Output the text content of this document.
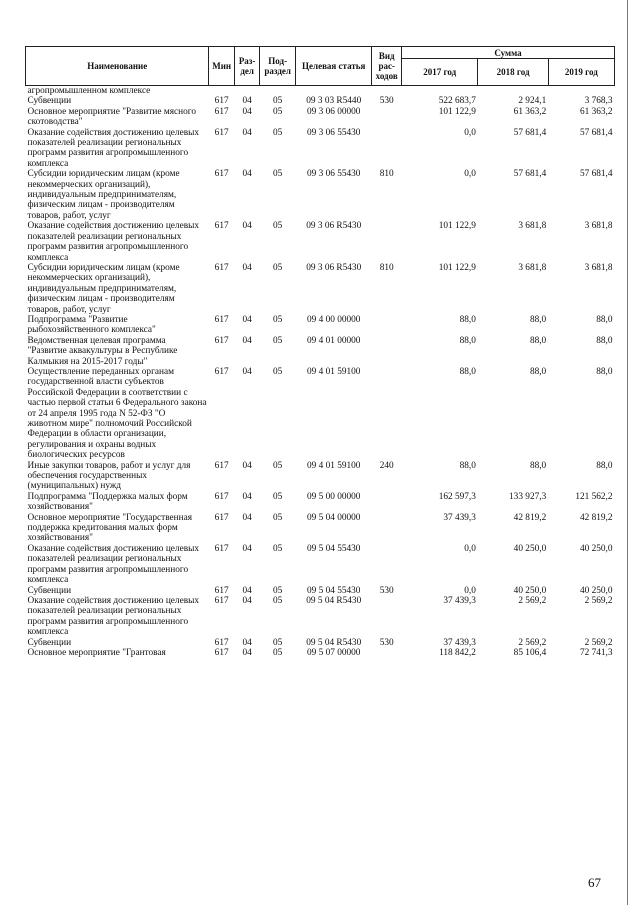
Наименование	Мин	Раз-дел	Под-раздел	Целевая статья	Вид рас-ходов	Сумма		
						2017 год	2018 год	2019 год
агропромышленном комплексе								
Субвенции	617	04	05	09 3 03 R5440	530	522 683,7	2 924,1	3 768,3
Основное мероприятие "Развитие мясного скотоводства"	617	04	05	09 3 06 00000		101 122,9	61 363,2	61 363,2
Оказание содействия достижению целевых показателей реализации региональных программ развития агропромышленного комплекса	617	04	05	09 3 06 55430		0,0	57 681,4	57 681,4
Субсидии юридическим лицам (кроме некоммерческих организаций), индивидуальным предпринимателям, физическим лицам - производителям товаров, работ, услуг	617	04	05	09 3 06 55430	810	0,0	57 681,4	57 681,4
Оказание содействия достижению целевых показателей реализации региональных программ развития агропромышленного комплекса	617	04	05	09 3 06 R5430		101 122,9	3 681,8	3 681,8
Субсидии юридическим лицам (кроме некоммерческих организаций), индивидуальным предпринимателям, физическим лицам - производителям товаров, работ, услуг	617	04	05	09 3 06 R5430	810	101 122,9	3 681,8	3 681,8
Подпрограмма "Развитие рыбохозяйственного комплекса"	617	04	05	09 4 00 00000		88,0	88,0	88,0
Ведомственная целевая программа "Развитие аквакультуры в Республике Калмыкия на 2015-2017 годы"	617	04	05	09 4 01 00000		88,0	88,0	88,0
Осуществление переданных органам государственной власти субъектов Российской Федерации в соответствии с частью первой статьи 6 Федерального закона от 24 апреля 1995 года N 52-ФЗ "О животном мире" полномочий Российской Федерации в области организации, регулирования и охраны водных биологических ресурсов	617	04	05	09 4 01 59100		88,0	88,0	88,0
Иные закупки товаров, работ и услуг для обеспечения государственных (муниципальных) нужд	617	04	05	09 4 01 59100	240	88,0	88,0	88,0
Подпрограмма "Поддержка малых форм хозяйствования"	617	04	05	09 5 00 00000		162 597,3	133 927,3	121 562,2
Основное мероприятие "Государственная поддержка кредитования малых форм хозяйствования"	617	04	05	09 5 04 00000		37 439,3	42 819,2	42 819,2
Оказание содействия достижению целевых показателей реализации региональных программ развития агропромышленного комплекса	617	04	05	09 5 04 55430		0,0	40 250,0	40 250,0
Субвенции	617	04	05	09 5 04 55430	530	0,0	40 250,0	40 250,0
Оказание содействия достижению целевых показателей реализации региональных программ развития агропромышленного комплекса	617	04	05	09 5 04 R5430		37 439,3	2 569,2	2 569,2
Субвенции	617	04	05	09 5 04 R5430	530	37 439,3	2 569,2	2 569,2
Основное мероприятие "Грантовая	617	04	05	09 5 07 00000		118 842,2	85 106,4	72 741,3
67
